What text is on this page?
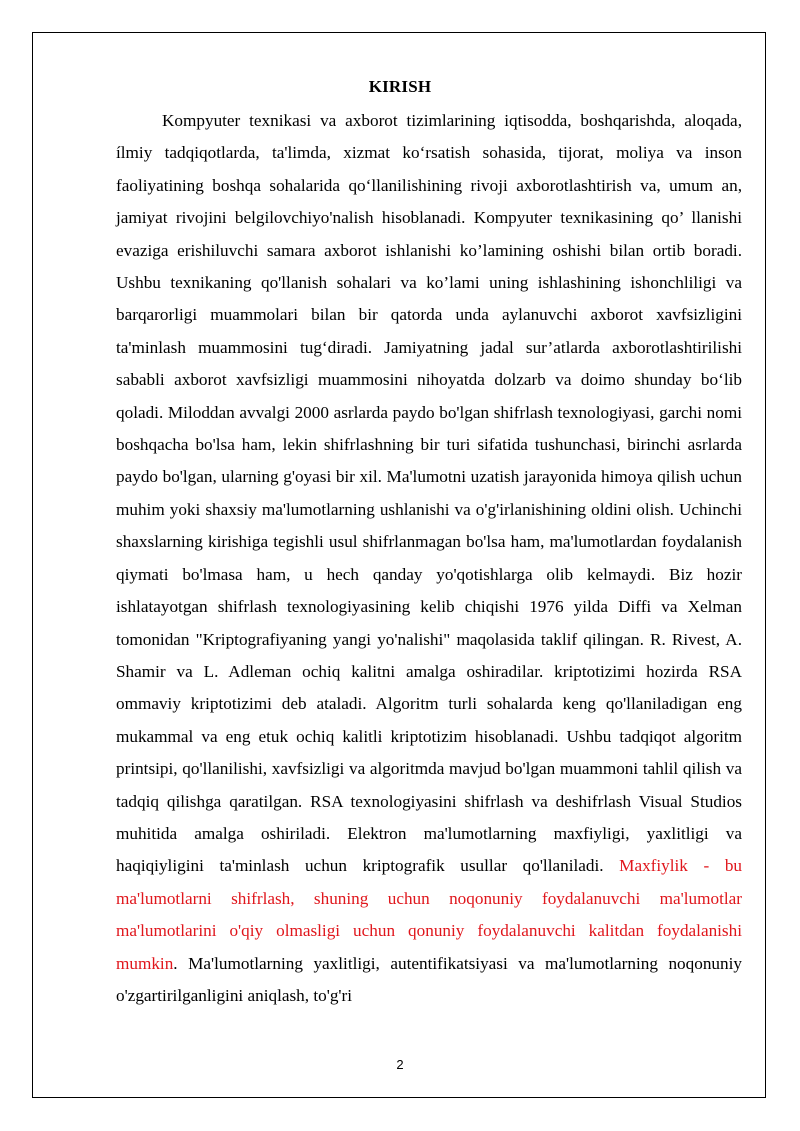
KIRISH

Kompyuter texnikasi va axborot tizimlarining iqtisodda, boshqarishda, aloqada, ílmiy tadqiqotlarda, ta'limda, xizmat ko‘rsatish sohasida, tijorat, moliya va inson faoliyatining boshqa sohalarida qo‘llanilishining rivoji axborotlashtirish va, umum an, jamiyat rivojini belgilovchiyo'nalish hisoblanadi. Kompyuter texnikasining qo’ llanishi evaziga erishiluvchi samara axborot ishlanishi ko’lamining oshishi bilan ortib boradi. Ushbu texnikaning qo'llanish sohalari va ko’lami uning ishlashining ishonchliligi va barqarorligi muammolari bilan bir qatorda unda aylanuvchi axborot xavfsizligini ta'minlash muammosini tug‘diradi. Jamiyatning jadal sur’atlarda axborotlashtirilishi sababli axborot xavfsizligi muammosini nihoyatda dolzarb va doimo shunday bo‘lib qoladi. Miloddan avvalgi 2000 asrlarda paydo bo'lgan shifrlash texnologiyasi, garchi nomi boshqacha bo'lsa ham, lekin shifrlashning bir turi sifatida tushunchasi, birinchi asrlarda paydo bo'lgan, ularning g'oyasi bir xil. Ma'lumotni uzatish jarayonida himoya qilish uchun muhim yoki shaxsiy ma'lumotlarning ushlanishi va o'g'irlanishining oldini olish. Uchinchi shaxslarning kirishiga tegishli usul shifrlanmagan bo'lsa ham, ma'lumotlardan foydalanish qiymati bo'lmasa ham, u hech qanday yo'qotishlarga olib kelmaydi. Biz hozir ishlatayotgan shifrlash texnologiyasining kelib chiqishi 1976 yilda Diffi va Xelman tomonidan "Kriptografiyaning yangi yo'nalishi" maqolasida taklif qilingan. R. Rivest, A. Shamir va L. Adleman ochiq kalitni amalga oshiradilar. kriptotizimi hozirda RSA ommaviy kriptotizimi deb ataladi. Algoritm turli sohalarda keng qo'llaniladigan eng mukammal va eng etuk ochiq kalitli kriptotizim hisoblanadi. Ushbu tadqiqot algoritm printsipi, qo'llanilishi, xavfsizligi va algoritmda mavjud bo'lgan muammoni tahlil qilish va tadqiq qilishga qaratilgan. RSA texnologiyasini shifrlash va deshifrlash Visual Studios muhitida amalga oshiriladi. Elektron ma'lumotlarning maxfiyligi, yaxlitligi va haqiqiyligini ta'minlash uchun kriptografik usullar qo'llaniladi. Maxfiylik - bu ma'lumotlarni shifrlash, shuning uchun noqonuniy foydalanuvchi ma'lumotlar ma'lumotlarini o'qiy olmasligi uchun qonuniy foydalanuvchi kalitdan foydalanishi mumkin. Ma'lumotlarning yaxlitligi, autentifikatsiyasi va ma'lumotlarning noqonuniy o'zgartirilganligini aniqlash, to'g'ri

2
